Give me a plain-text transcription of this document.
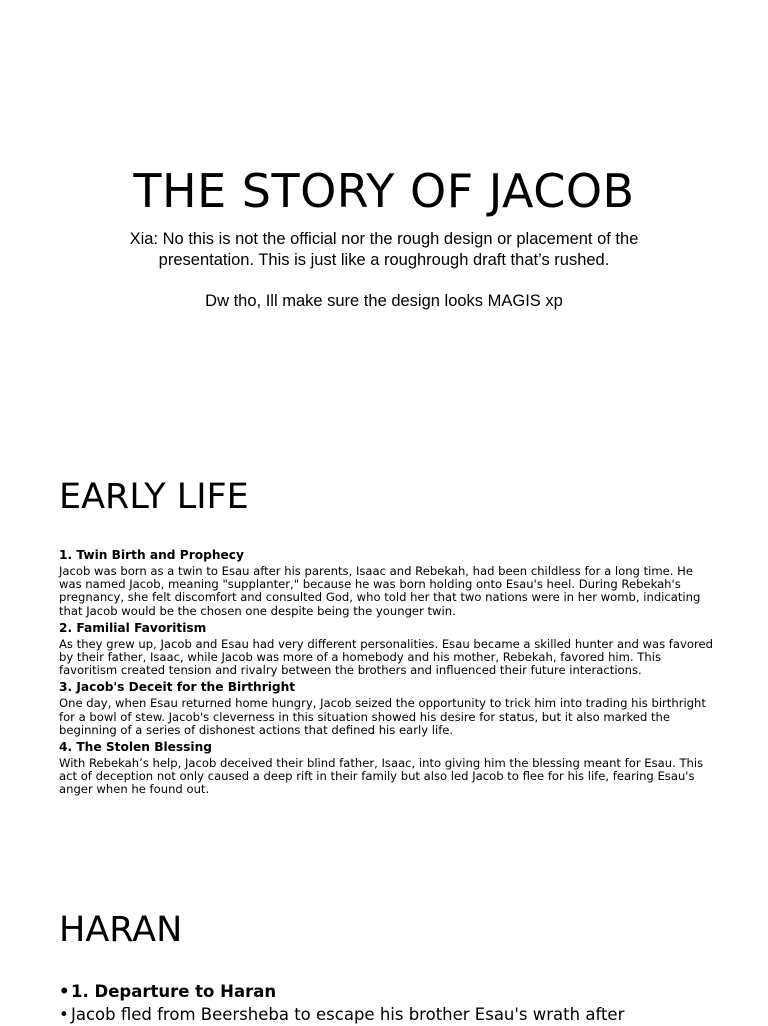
THE STORY OF JACOB

Xia: No this is not the official nor the rough design or placement of the presentation. This is just like a roughrough draft that’s rushed.

Dw tho, Ill make sure the design looks MAGIS xp

EARLY LIFE
1. Twin Birth and Prophecy
Jacob was born as a twin to Esau after his parents, Isaac and Rebekah, had been childless for a long time. He was named Jacob, meaning "supplanter," because he was born holding onto Esau's heel. During Rebekah's pregnancy, she felt discomfort and consulted God, who told her that two nations were in her womb, indicating that Jacob would be the chosen one despite being the younger twin.
2. Familial Favoritism
As they grew up, Jacob and Esau had very different personalities. Esau became a skilled hunter and was favored by their father, Isaac, while Jacob was more of a homebody and his mother, Rebekah, favored him. This favoritism created tension and rivalry between the brothers and influenced their future interactions.
3. Jacob's Deceit for the Birthright
One day, when Esau returned home hungry, Jacob seized the opportunity to trick him into trading his birthright for a bowl of stew. Jacob's cleverness in this situation showed his desire for status, but it also marked the beginning of a series of dishonest actions that defined his early life.
4. The Stolen Blessing
With Rebekah’s help, Jacob deceived their blind father, Isaac, into giving him the blessing meant for Esau. This act of deception not only caused a deep rift in their family but also led Jacob to flee for his life, fearing Esau's anger when he found out.
HARAN
•1. Departure to Haran
• Jacob fled from Beersheba to escape his brother Esau's wrath after
